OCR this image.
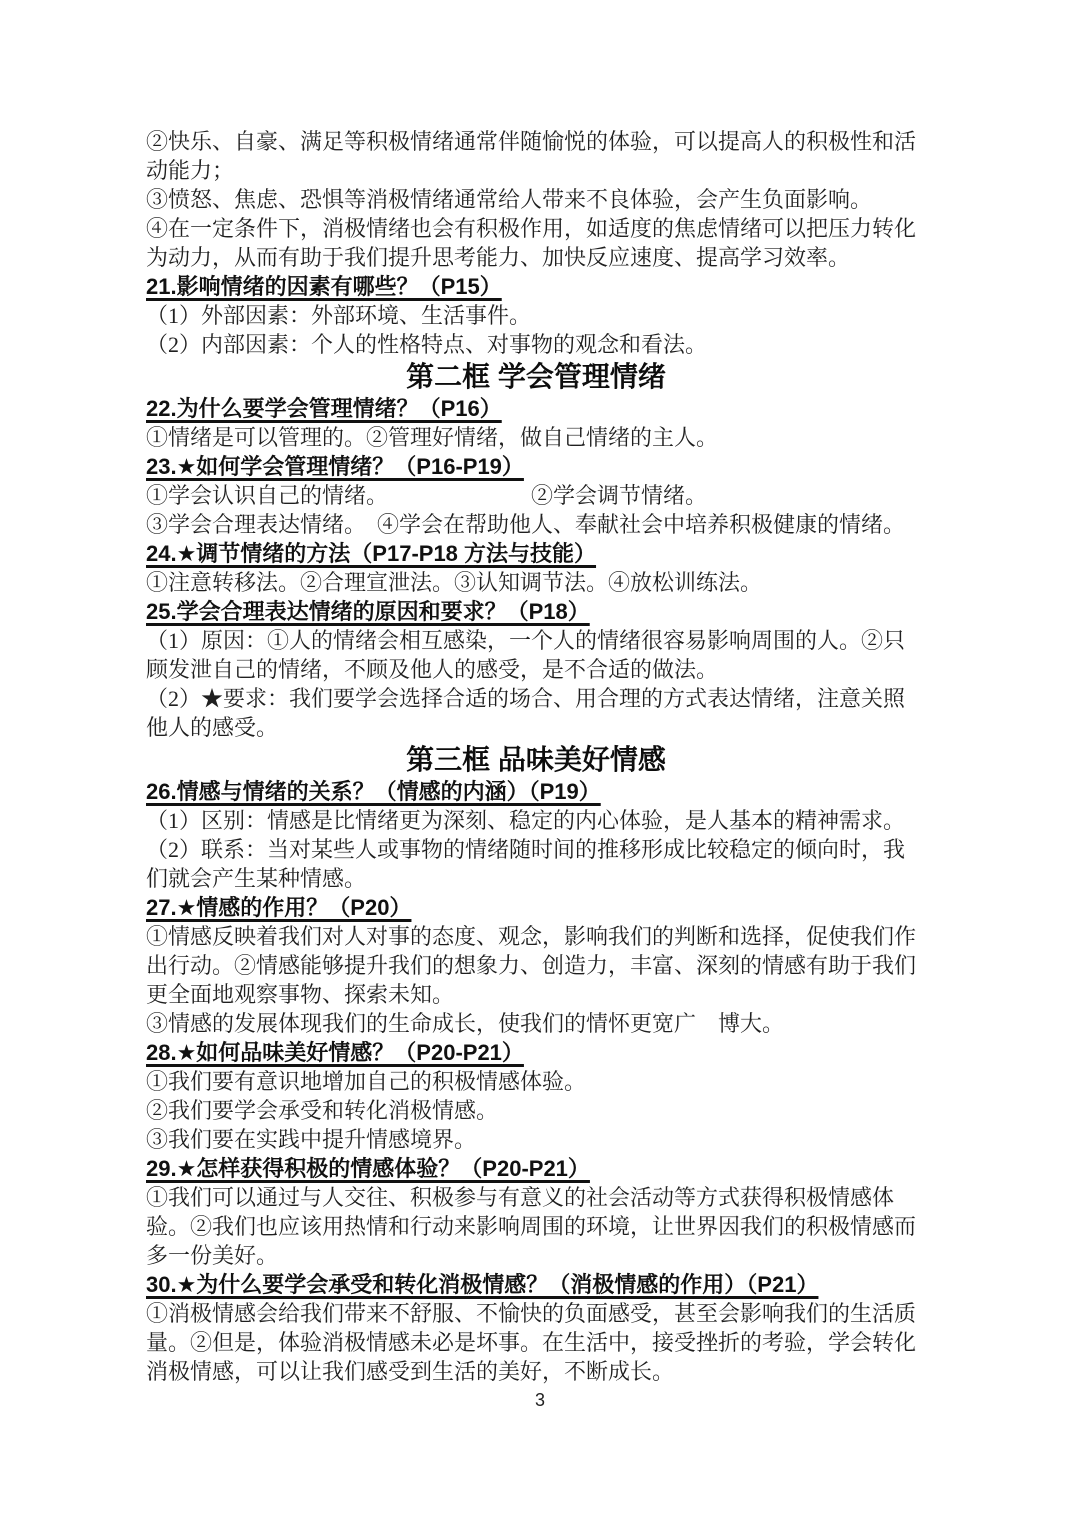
②快乐、自豪、满足等积极情绪通常伴随愉悦的体验，可以提高人的积极性和活动能力；

③愤怒、焦虑、恐惧等消极情绪通常给人带来不良体验，会产生负面影响。

④在一定条件下，消极情绪也会有积极作用，如适度的焦虑情绪可以把压力转化为动力，从而有助于我们提升思考能力、加快反应速度、提高学习效率。

21.影响情绪的因素有哪些？（P15）

（1）外部因素：外部环境、生活事件。

（2）内部因素：个人的性格特点、对事物的观念和看法。

第二框 学会管理情绪

22.为什么要学会管理情绪？（P16）

①情绪是可以管理的。②管理好情绪，做自己情绪的主人。

23.★如何学会管理情绪？（P16-P19）

①学会认识自己的情绪。　　　　　　　②学会调节情绪。

③学会合理表达情绪。　④学会在帮助他人、奉献社会中培养积极健康的情绪。

24.★调节情绪的方法（P17-P18 方法与技能）

①注意转移法。②合理宣泄法。③认知调节法。④放松训练法。

25.学会合理表达情绪的原因和要求？（P18）

（1）原因：①人的情绪会相互感染，一个人的情绪很容易影响周围的人。②只顾发泄自己的情绪，不顾及他人的感受，是不合适的做法。

（2）★要求：我们要学会选择合适的场合、用合理的方式表达情绪，注意关照他人的感受。

第三框 品味美好情感

26.情感与情绪的关系？（情感的内涵）（P19）

（1）区别：情感是比情绪更为深刻、稳定的内心体验，是人基本的精神需求。

（2）联系：当对某些人或事物的情绪随时间的推移形成比较稳定的倾向时，我们就会产生某种情感。

27.★情感的作用？（P20）

①情感反映着我们对人对事的态度、观念，影响我们的判断和选择，促使我们作出行动。②情感能够提升我们的想象力、创造力，丰富、深刻的情感有助于我们更全面地观察事物、探索未知。

③情感的发展体现我们的生命成长，使我们的情怀更宽广　博大。

28.★如何品味美好情感？（P20-P21）

①我们要有意识地增加自己的积极情感体验。

②我们要学会承受和转化消极情感。

③我们要在实践中提升情感境界。

29.★怎样获得积极的情感体验？（P20-P21）

①我们可以通过与人交往、积极参与有意义的社会活动等方式获得积极情感体验。②我们也应该用热情和行动来影响周围的环境，让世界因我们的积极情感而多一份美好。

30.★为什么要学会承受和转化消极情感？（消极情感的作用）（P21）

①消极情感会给我们带来不舒服、不愉快的负面感受，甚至会影响我们的生活质量。②但是，体验消极情感未必是坏事。在生活中，接受挫折的考验，学会转化消极情感，可以让我们感受到生活的美好，不断成长。

3
